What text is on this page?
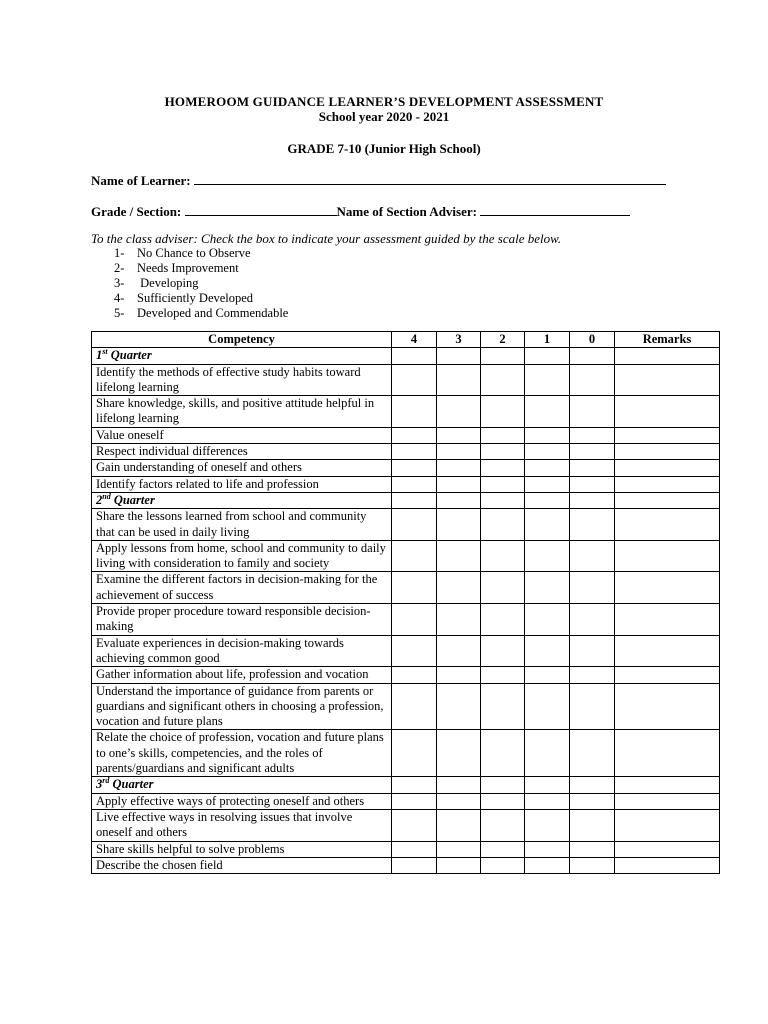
HOMEROOM GUIDANCE LEARNER’S DEVELOPMENT ASSESSMENT
School year 2020 - 2021
GRADE 7-10 (Junior High School)
Name of Learner:
Grade / Section:	Name of Section Adviser:
To the class adviser: Check the box to indicate your assessment guided by the scale below.
1-	No Chance to Observe
2-	Needs Improvement
3-	Developing
4-	Sufficiently Developed
5-	Developed and Commendable
Competency	4	3	2	1	0	Remarks
1st Quarter						
Identify the methods of effective study habits toward lifelong learning						
Share knowledge, skills, and positive attitude helpful in lifelong learning						
Value oneself						
Respect individual differences						
Gain understanding of oneself and others						
Identify factors related to life and profession						
2nd Quarter						
Share the lessons learned from school and community that can be used in daily living						
Apply lessons from home, school and community to daily living with consideration to family and society						
Examine the different factors in decision-making for the achievement of success						
Provide proper procedure toward responsible decision-making						
Evaluate experiences in decision-making towards achieving common good						
Gather information about life, profession and vocation						
Understand the importance of guidance from parents or guardians and significant others in choosing a profession, vocation and future plans						
Relate the choice of profession, vocation and future plans to one’s skills, competencies, and the roles of parents/guardians and significant adults						
3rd Quarter						
Apply effective ways of protecting oneself and others						
Live effective ways in resolving issues that involve oneself and others						
Share skills helpful to solve problems						
Describe the chosen field						
